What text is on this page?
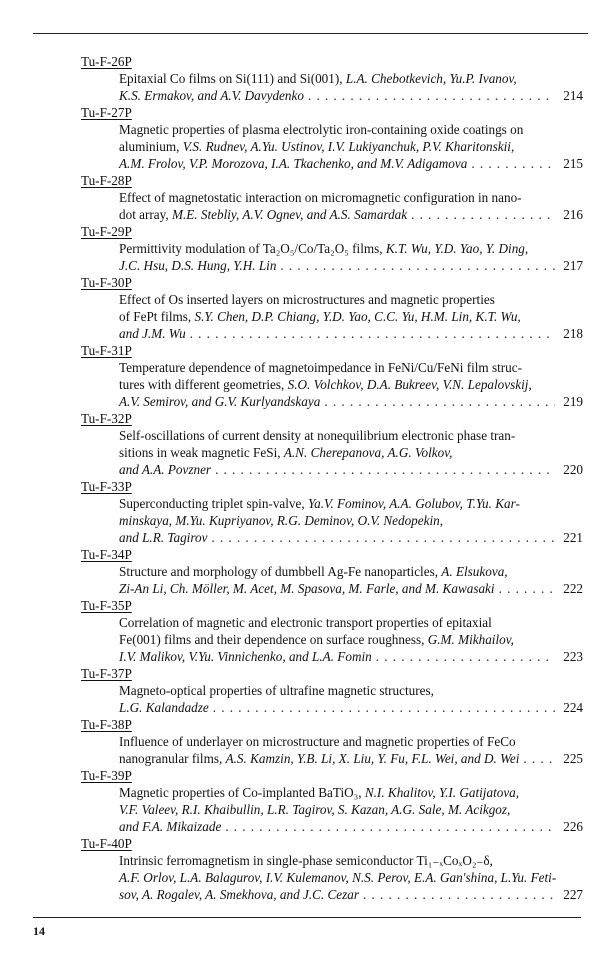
Tu-F-26P
Epitaxial Co films on Si(111) and Si(001), L.A. Chebotkevich, Yu.P. Ivanov,
K.S. Ermakov, and A.V. Davydenko . . .	214
Tu-F-27P
Magnetic properties of plasma electrolytic iron-containing oxide coatings on
aluminium, V.S. Rudnev, A.Yu. Ustinov, I.V. Lukiyanchuk, P.V. Kharitonskii,
A.M. Frolov, V.P. Morozova, I.A. Tkachenko, and M.V. Adigamova . . .	215
Tu-F-28P
Effect of magnetostatic interaction on micromagnetic configuration in nano-
dot array, M.E. Stebliy, A.V. Ognev, and A.S. Samardak . . .	216
Tu-F-29P
Permittivity modulation of Ta₂O₅/Co/Ta₂O₅ films, K.T. Wu, Y.D. Yao, Y. Ding,
J.C. Hsu, D.S. Hung, Y.H. Lin . . .	217
Tu-F-30P
Effect of Os inserted layers on microstructures and magnetic properties
of FePt films, S.Y. Chen, D.P. Chiang, Y.D. Yao, C.C. Yu, H.M. Lin, K.T. Wu,
and J.M. Wu . . .	218
Tu-F-31P
Temperature dependence of magnetoimpedance in FeNi/Cu/FeNi film struc-
tures with different geometries, S.O. Volchkov, D.A. Bukreev, V.N. Lepalovskij,
A.V. Semirov, and G.V. Kurlyandskaya . . .	219
Tu-F-32P
Self-oscillations of current density at nonequilibrium electronic phase tran-
sitions in weak magnetic FeSi, A.N. Cherepanova, A.G. Volkov,
and A.A. Povzner . . .	220
Tu-F-33P
Superconducting triplet spin-valve, Ya.V. Fominov, A.A. Golubov, T.Yu. Kar-
minskaya, M.Yu. Kupriyanov, R.G. Deminov, O.V. Nedopekin,
and L.R. Tagirov . . .	221
Tu-F-34P
Structure and morphology of dumbbell Ag-Fe nanoparticles, A. Elsukova,
Zi-An Li, Ch. Möller, M. Acet, M. Spasova, M. Farle, and M. Kawasaki . . .	222
Tu-F-35P
Correlation of magnetic and electronic transport properties of epitaxial
Fe(001) films and their dependence on surface roughness, G.M. Mikhailov,
I.V. Malikov, V.Yu. Vinnichenko, and L.A. Fomin . . .	223
Tu-F-37P
Magneto-optical properties of ultrafine magnetic structures,
L.G. Kalandadze . . .	224
Tu-F-38P
Influence of underlayer on microstructure and magnetic properties of FeCo
nanogranular films, A.S. Kamzin, Y.B. Li, X. Liu, Y. Fu, F.L. Wei, and D. Wei . . .	225
Tu-F-39P
Magnetic properties of Co-implanted BaTiO₃, N.I. Khalitov, Y.I. Gatijatova,
V.F. Valeev, R.I. Khaibullin, L.R. Tagirov, S. Kazan, A.G. Sale, M. Acikgoz,
and F.A. Mikaizade . . .	226
Tu-F-40P
Intrinsic ferromagnetism in single-phase semiconductor Ti₁₋ₓCoₓO₂₋δ,
A.F. Orlov, L.A. Balagurov, I.V. Kulemanov, N.S. Perov, E.A. Gan'shina, L.Yu. Feti-
sov, A. Rogalev, A. Smekhova, and J.C. Cezar . . .	227
14
